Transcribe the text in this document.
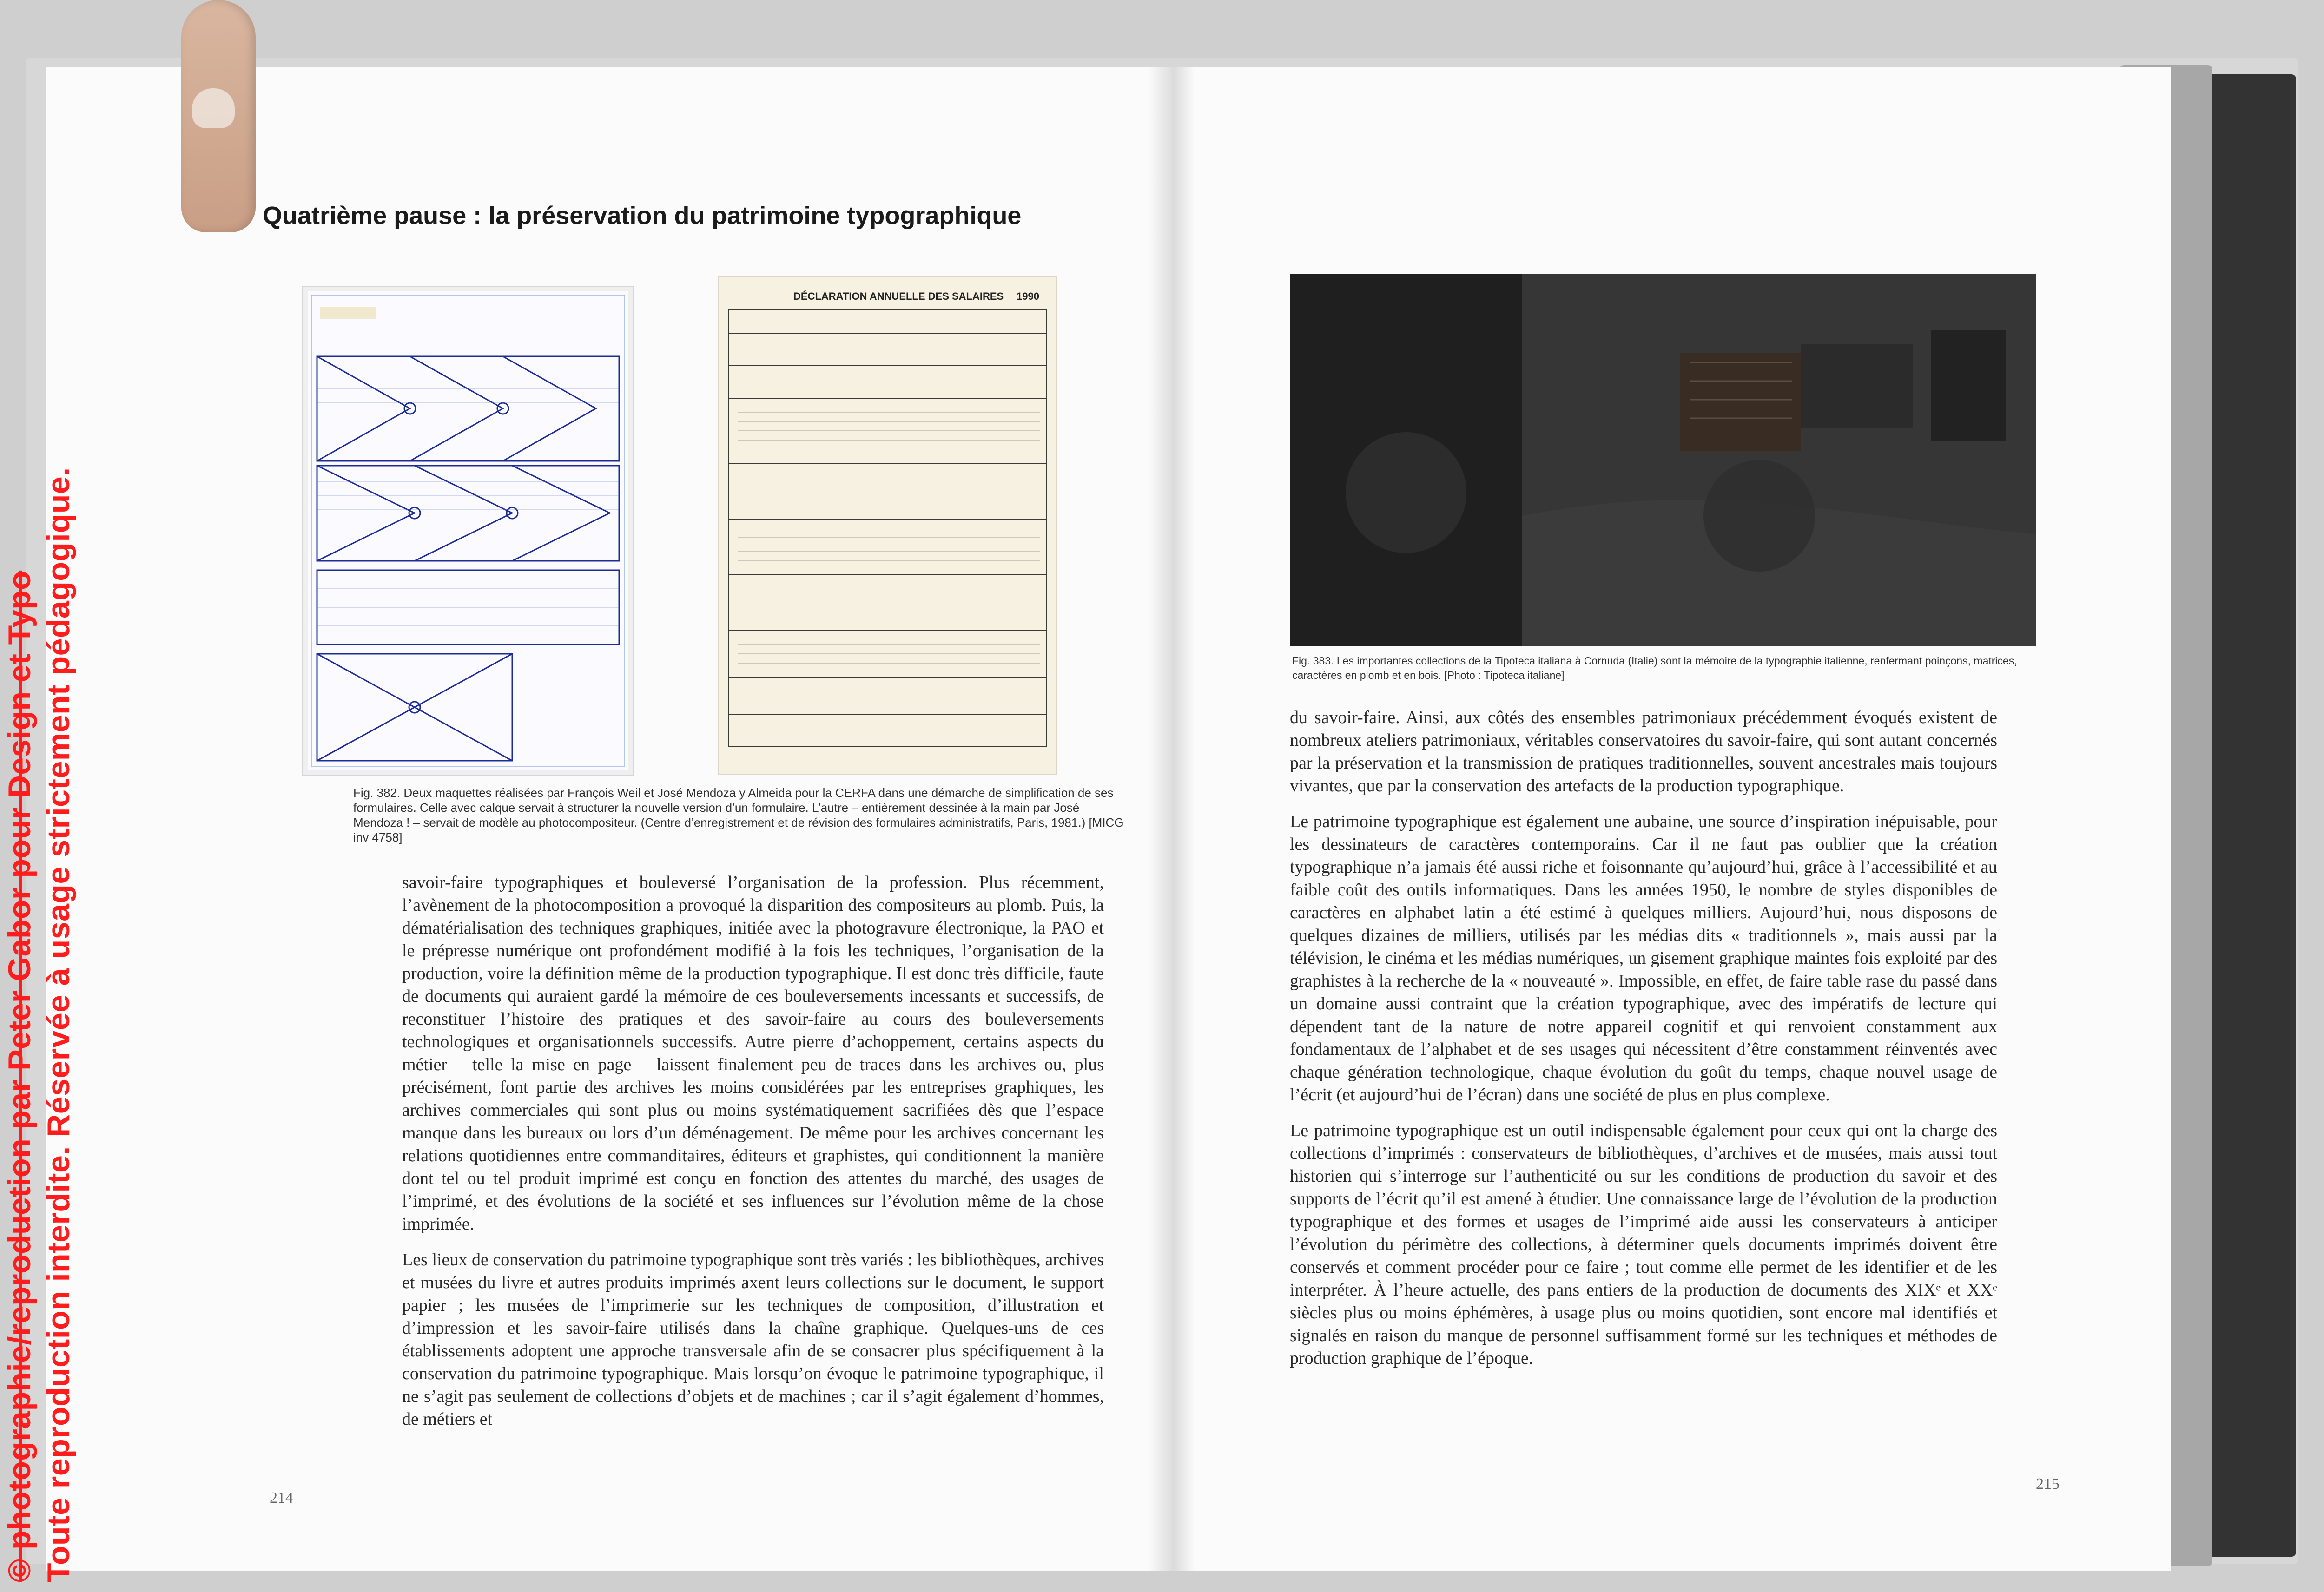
Quatrième pause : la préservation du patrimoine typographique
DÉCLARATION ANNUELLE DES SALAIRES 1990
Fig. 382. Deux maquettes réalisées par François Weil et José Mendoza y Almeida pour la CERFA dans une démarche de simplification de ses formulaires. Celle avec calque servait à structurer la nouvelle version d’un formulaire. L’autre – entièrement dessinée à la main par José Mendoza ! – servait de modèle au photocompositeur. (Centre d’enregistrement et de révision des formulaires administratifs, Paris, 1981.) [MICG inv 4758]

savoir-faire typographiques et bouleversé l’organisation de la profession. Plus récemment, l’avènement de la photocomposition a provoqué la disparition des compositeurs au plomb. Puis, la dématérialisation des techniques graphiques, initiée avec la photogravure électronique, la PAO et le prépresse numérique ont profondément modifié à la fois les techniques, l’organisation de la production, voire la définition même de la production typographique. Il est donc très difficile, faute de documents qui auraient gardé la mémoire de ces bouleversements incessants et successifs, de reconstituer l’histoire des pratiques et des savoir-faire au cours des bouleversements technologiques et organisationnels successifs. Autre pierre d’achoppement, certains aspects du métier – telle la mise en page – laissent finalement peu de traces dans les archives ou, plus précisément, font partie des archives les moins considérées par les entreprises graphiques, les archives commerciales qui sont plus ou moins systématiquement sacrifiées dès que l’espace manque dans les bureaux ou lors d’un déménagement. De même pour les archives concernant les relations quotidiennes entre commanditaires, éditeurs et graphistes, qui conditionnent la manière dont tel ou tel produit imprimé est conçu en fonction des attentes du marché, des usages de l’imprimé, et des évolutions de la société et ses influences sur l’évolution même de la chose imprimée.

Les lieux de conservation du patrimoine typographique sont très variés : les bibliothèques, archives et musées du livre et autres produits imprimés axent leurs collections sur le document, le support papier ; les musées de l’imprimerie sur les techniques de composition, d’illustration et d’impression et les savoir-faire utilisés dans la chaîne graphique. Quelques-uns de ces établissements adoptent une approche transversale afin de se consacrer plus spécifiquement à la conservation du patrimoine typographique. Mais lorsqu’on évoque le patrimoine typographique, il ne s’agit pas seulement de collections d’objets et de machines ; car il s’agit également d’hommes, de métiers et

214
Fig. 383. Les importantes collections de la Tipoteca italiana à Cornuda (Italie) sont la mémoire de la typographie italienne, renfermant poinçons, matrices, caractères en plomb et en bois. [Photo : Tipoteca italiane]

du savoir-faire. Ainsi, aux côtés des ensembles patrimoniaux précédemment évoqués existent de nombreux ateliers patrimoniaux, véritables conservatoires du savoir-faire, qui sont autant concernés par la préservation et la transmission de pratiques traditionnelles, souvent ancestrales mais toujours vivantes, que par la conservation des artefacts de la production typographique.

Le patrimoine typographique est également une aubaine, une source d’inspiration inépuisable, pour les dessinateurs de caractères contemporains. Car il ne faut pas oublier que la création typographique n’a jamais été aussi riche et foisonnante qu’aujourd’hui, grâce à l’accessibilité et au faible coût des outils informatiques. Dans les années 1950, le nombre de styles disponibles de caractères en alphabet latin a été estimé à quelques milliers. Aujourd’hui, nous disposons de quelques dizaines de milliers, utilisés par les médias dits « traditionnels », mais aussi par la télévision, le cinéma et les médias numériques, un gisement graphique maintes fois exploité par des graphistes à la recherche de la « nouveauté ». Impossible, en effet, de faire table rase du passé dans un domaine aussi contraint que la création typographique, avec des impératifs de lecture qui dépendent tant de la nature de notre appareil cognitif et qui renvoient constamment aux fondamentaux de l’alphabet et de ses usages qui nécessitent d’être constamment réinventés avec chaque génération technologique, chaque évolution du goût du temps, chaque nouvel usage de l’écrit (et aujourd’hui de l’écran) dans une société de plus en plus complexe.

Le patrimoine typographique est un outil indispensable également pour ceux qui ont la charge des collections d’imprimés : conservateurs de bibliothèques, d’archives et de musées, mais aussi tout historien qui s’interroge sur l’authenticité ou sur les conditions de production du savoir et des supports de l’écrit qu’il est amené à étudier. Une connaissance large de l’évolution de la production typographique et des formes et usages de l’imprimé aide aussi les conservateurs à anticiper l’évolution du périmètre des collections, à déterminer quels documents imprimés doivent être conservés et comment procéder pour ce faire ; tout comme elle permet de les identifier et de les interpréter. À l’heure actuelle, des pans entiers de la production de documents des XIXᵉ et XXᵉ siècles plus ou moins éphémères, à usage plus ou moins quotidien, sont encore mal identifiés et signalés en raison du manque de personnel suffisamment formé sur les techniques et méthodes de production graphique de l’époque.

215
© photographie/reproduction par Peter Gabor pour Design et Typo Toute reproduction interdite. Réservée à usage strictement pédagogique.
